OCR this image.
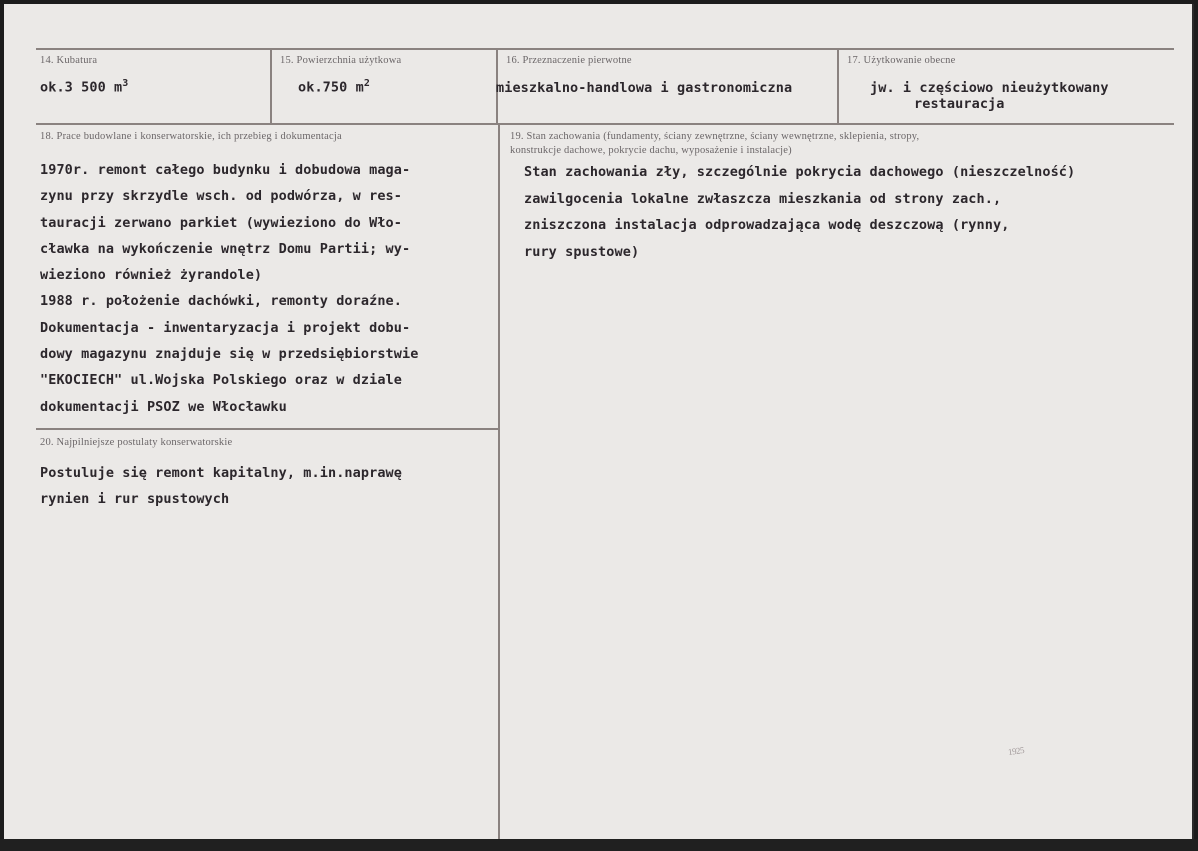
14. Kubatura
ok.3 500 $m^3$
15. Powierzchnia użytkowa
ok.750 $m^2$
16. Przeznaczenie pierwotne
mieszkalno-handlowa i gastronomiczna
17. Użytkowanie obecne
jw. i częściowo nieużytkowany
restauracja
18. Prace budowlane i konserwatorskie, ich przebieg i dokumentacja
1970r. remont całego budynku i dobudowa maga-
zynu przy skrzydle wsch. od podwórza, w res-
tauracji zerwano parkiet (wywieziono do Wło-
cławka na wykończenie wnętrz Domu Partii; wy-
wieziono również żyrandole)
1988 r. położenie dachówki, remonty doraźne.
Dokumentacja - inwentaryzacja i projekt dobu-
dowy magazynu znajduje się w przedsiębiorstwie
"EKOCIECH" ul.Wojska Polskiego oraz w dziale
dokumentacji PSOZ we Włocławku
19. Stan zachowania (fundamenty, ściany zewnętrzne, ściany wewnętrzne, sklepienia, stropy,
konstrukcje dachowe, pokrycie dachu, wyposażenie i instalacje)
Stan zachowania zły, szczególnie pokrycia dachowego (nieszczelność)
zawilgocenia lokalne zwłaszcza mieszkania od strony zach.,
zniszczona instalacja odprowadzająca wodę deszczową (rynny,
rury spustowe)
20. Najpilniejsze postulaty konserwatorskie
Postuluje się remont kapitalny, m.in.naprawę
rynien i rur spustowych
1925
